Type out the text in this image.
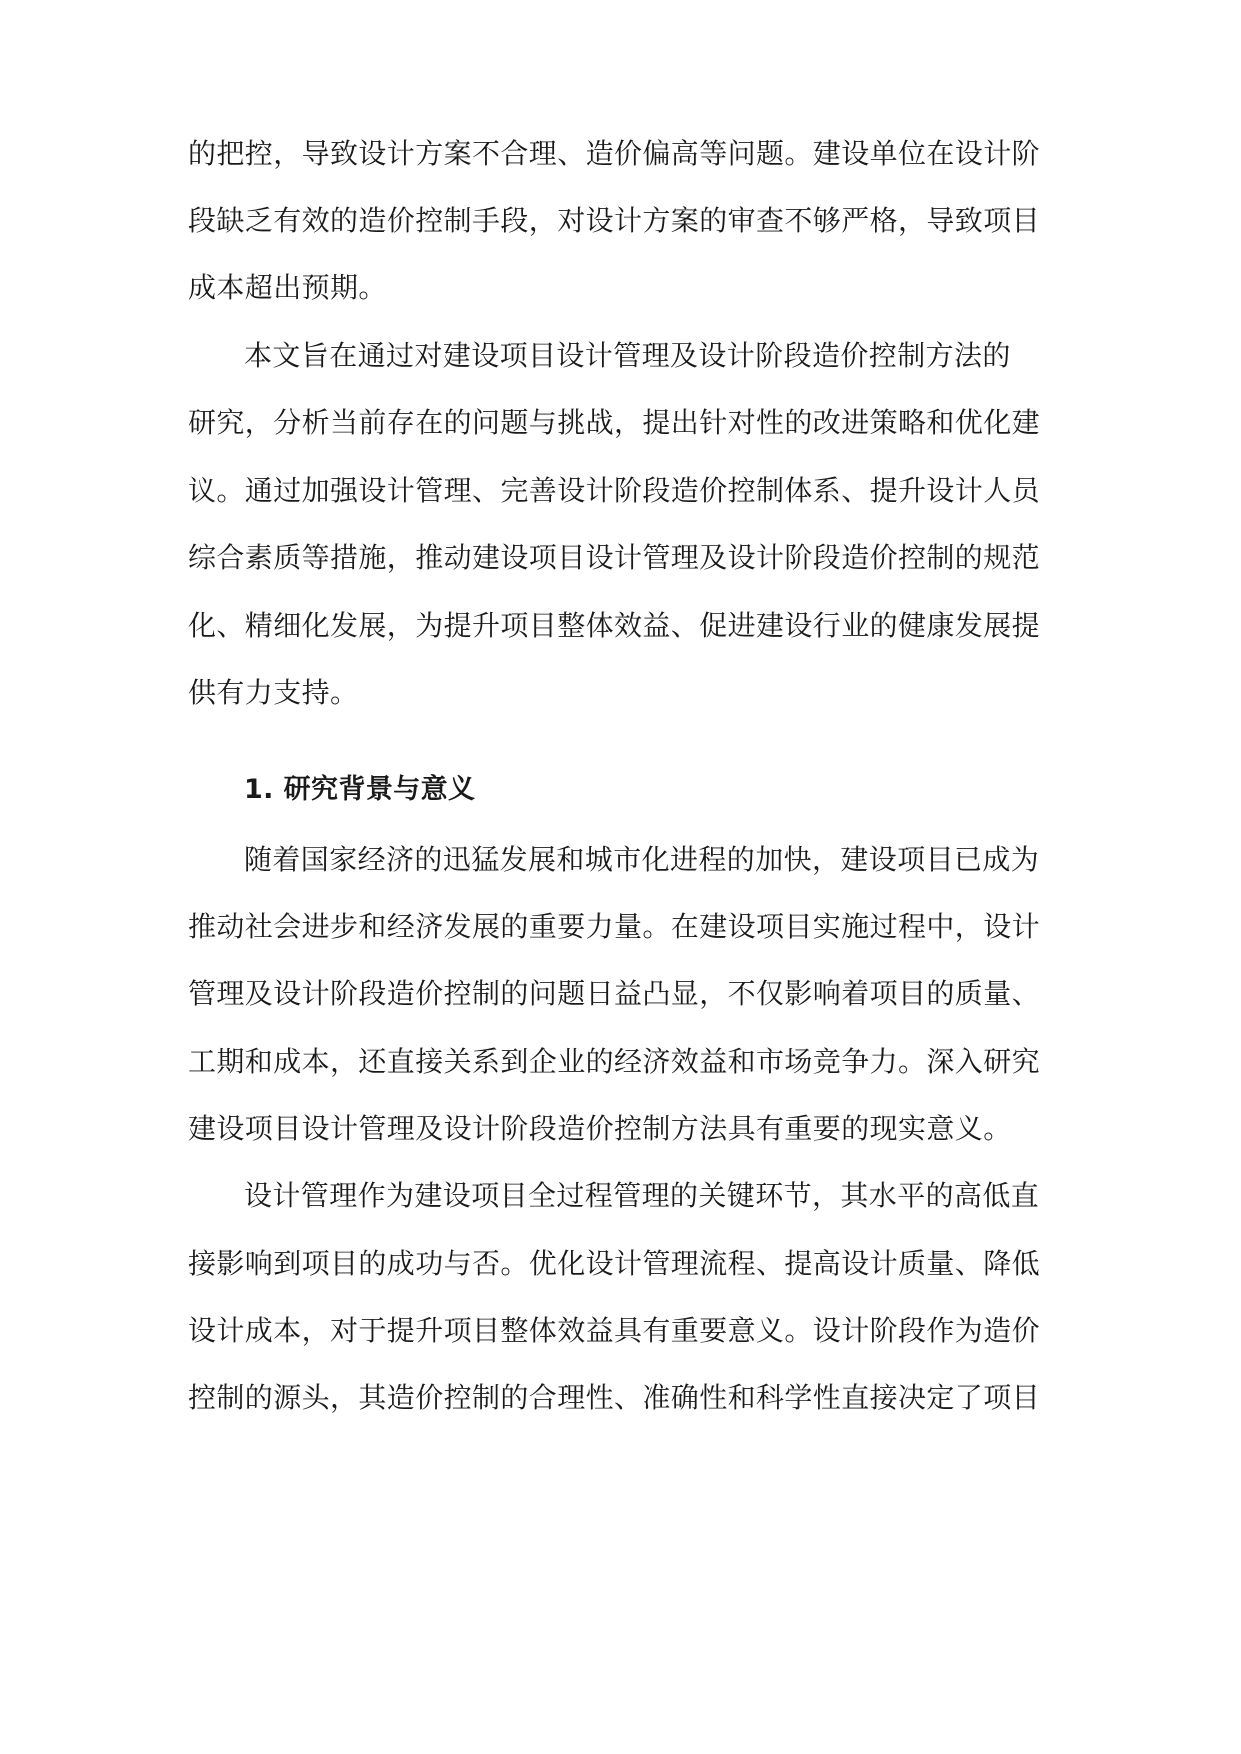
的把控，导致设计方案不合理、造价偏高等问题。建设单位在设计阶
段缺乏有效的造价控制手段，对设计方案的审查不够严格，导致项目
成本超出预期。
本文旨在通过对建设项目设计管理及设计阶段造价控制方法的
研究，分析当前存在的问题与挑战，提出针对性的改进策略和优化建
议。通过加强设计管理、完善设计阶段造价控制体系、提升设计人员
综合素质等措施，推动建设项目设计管理及设计阶段造价控制的规范
化、精细化发展，为提升项目整体效益、促进建设行业的健康发展提
供有力支持。
1. 研究背景与意义
随着国家经济的迅猛发展和城市化进程的加快，建设项目已成为
推动社会进步和经济发展的重要力量。在建设项目实施过程中，设计
管理及设计阶段造价控制的问题日益凸显，不仅影响着项目的质量、
工期和成本，还直接关系到企业的经济效益和市场竞争力。深入研究
建设项目设计管理及设计阶段造价控制方法具有重要的现实意义。
设计管理作为建设项目全过程管理的关键环节，其水平的高低直
接影响到项目的成功与否。优化设计管理流程、提高设计质量、降低
设计成本，对于提升项目整体效益具有重要意义。设计阶段作为造价
控制的源头，其造价控制的合理性、准确性和科学性直接决定了项目
